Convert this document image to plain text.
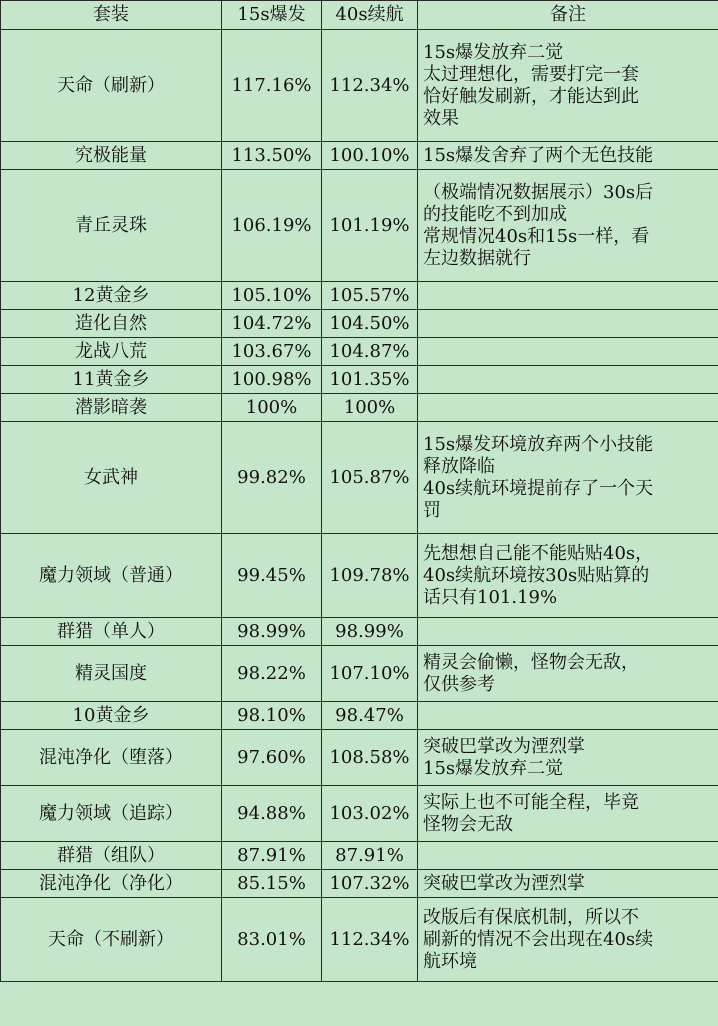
套装	15s爆发	40s续航	备注
天命（刷新）	117.16%	112.34%	15s爆发放弃二觉
太过理想化，需要打完一套
恰好触发刷新，才能达到此
效果

究极能量	113.50%	100.10%	15s爆发舍弃了两个无色技能

青丘灵珠	106.19%	101.19%	（极端情况数据展示）30s后
的技能吃不到加成
常规情况40s和15s一样，看
左边数据就行

12黄金乡	105.10%	105.57%	
造化自然	104.72%	104.50%	
龙战八荒	103.67%	104.87%	
11黄金乡	100.98%	101.35%	
潜影暗袭	100%	100%	
女武神	99.82%	105.87%	15s爆发环境放弃两个小技能
释放降临
40s续航环境提前存了一个天
罚

魔力领域（普通）	99.45%	109.78%	先想想自己能不能贴贴40s，
40s续航环境按30s贴贴算的
话只有101.19%

群猎（单人）	98.99%	98.99%	
精灵国度	98.22%	107.10%	精灵会偷懒，怪物会无敌，
仅供参考

10黄金乡	98.10%	98.47%	
混沌净化（堕落）	97.60%	108.58%	突破巴掌改为湮烈掌
15s爆发放弃二觉

魔力领域（追踪）	94.88%	103.02%	实际上也不可能全程，毕竟
怪物会无敌

群猎（组队）	87.91%	87.91%	
混沌净化（净化）	85.15%	107.32%	突破巴掌改为湮烈掌

天命（不刷新）	83.01%	112.34%	改版后有保底机制，所以不
刷新的情况不会出现在40s续
航环境
